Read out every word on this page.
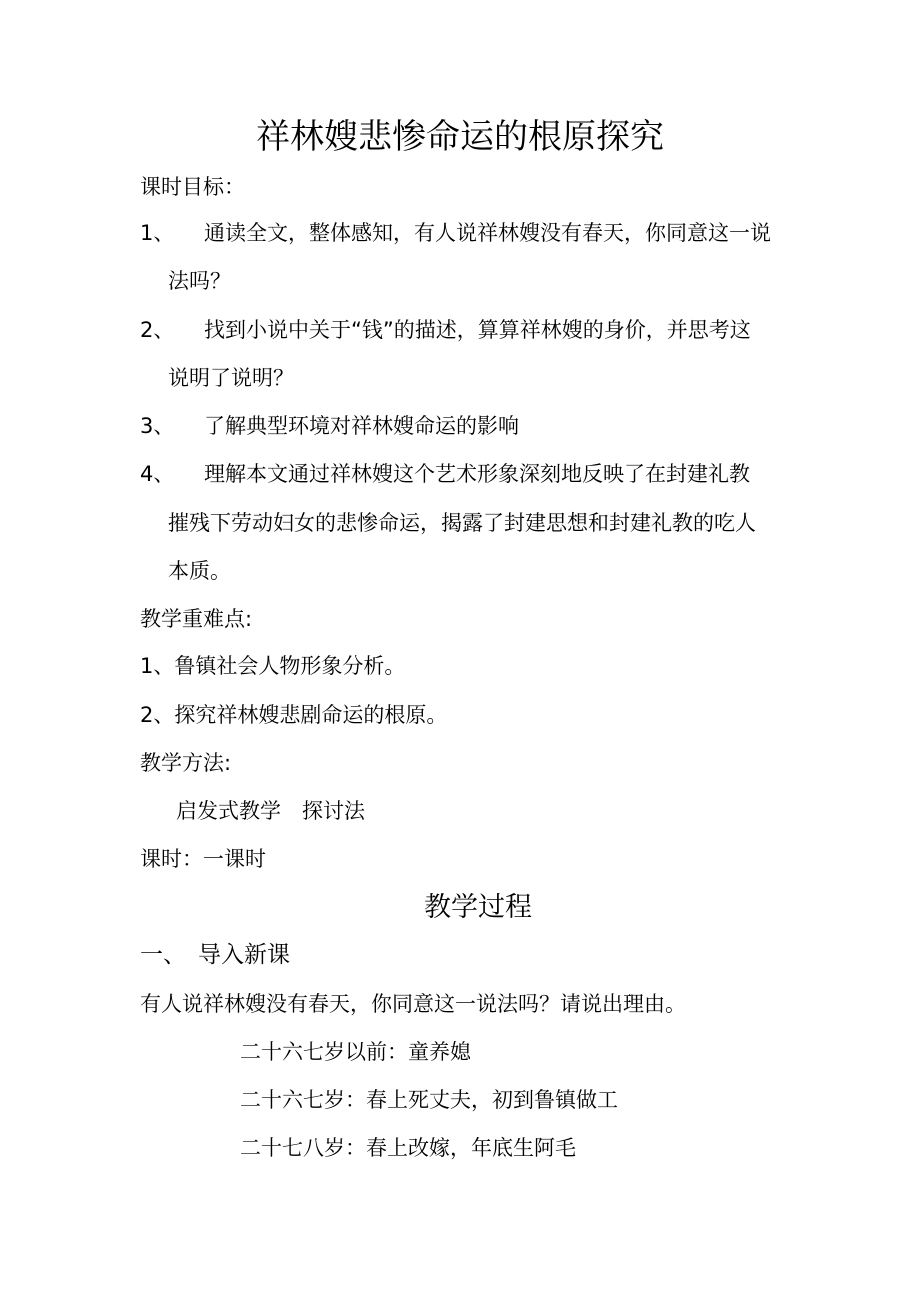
祥林嫂悲惨命运的根原探究
课时目标：
1、 通读全文，整体感知，有人说祥林嫂没有春天，你同意这一说
法吗？
2、 找到小说中关于“钱”的描述，算算祥林嫂的身价，并思考这
说明了说明？
3、 了解典型环境对祥林嫂命运的影响
4、 理解本文通过祥林嫂这个艺术形象深刻地反映了在封建礼教
摧残下劳动妇女的悲惨命运，揭露了封建思想和封建礼教的吃人
本质。
教学重难点:
1、鲁镇社会人物形象分析。
2、探究祥林嫂悲剧命运的根原。
教学方法:
启发式教学　探讨法
课时：一课时
教学过程
一、 导入新课
有人说祥林嫂没有春天，你同意这一说法吗？请说出理由。
二十六七岁以前：童养媳
二十六七岁：春上死丈夫，初到鲁镇做工
二十七八岁：春上改嫁，年底生阿毛
